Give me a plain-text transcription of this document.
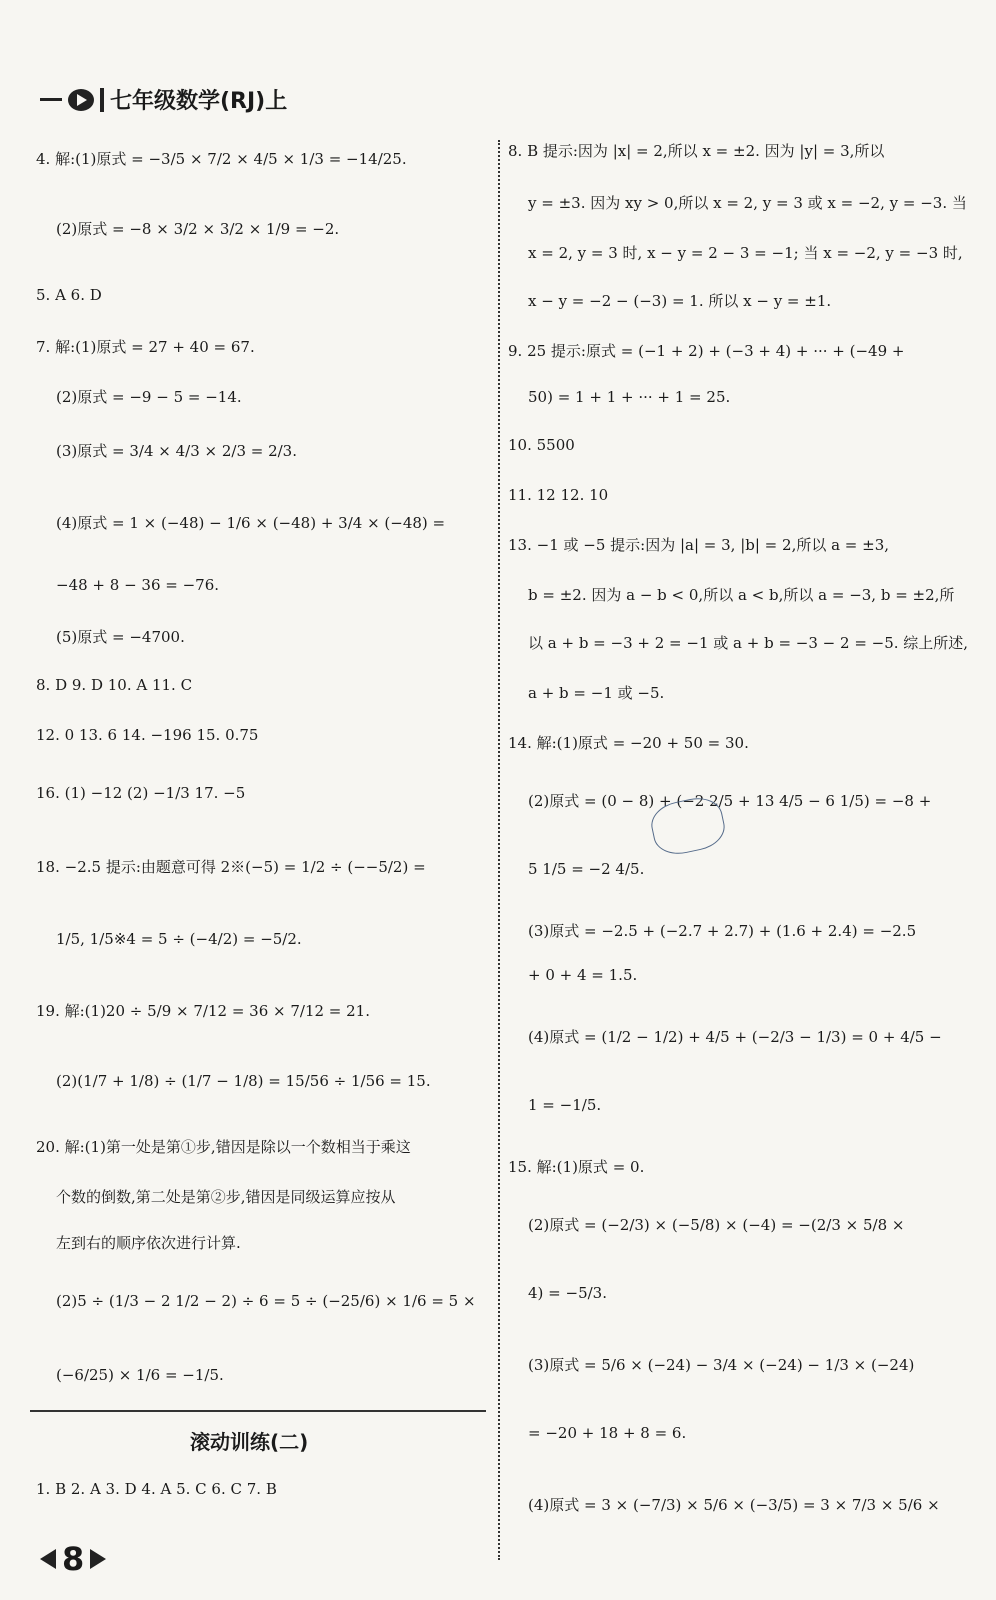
七年级数学(RJ)上
4. 解:(1)原式 = −3/5 × 7/2 × 4/5 × 1/3 = −14/25.
(2)原式 = −8 × 3/2 × 3/2 × 1/9 = −2.
5. A 6. D
7. 解:(1)原式 = 27 + 40 = 67.
(2)原式 = −9 − 5 = −14.
(3)原式 = 3/4 × 4/3 × 2/3 = 2/3.
(4)原式 = 1 × (−48) − 1/6 × (−48) + 3/4 × (−48) =
−48 + 8 − 36 = −76.
(5)原式 = −4700.
8. D 9. D 10. A 11. C
12. 0 13. 6 14. −196 15. 0.75
16. (1) −12 (2) −1/3 17. −5
18. −2.5 提示:由题意可得 2※(−5) = 1/2 ÷ (−−5/2) =
1/5, 1/5※4 = 5 ÷ (−4/2) = −5/2.
19. 解:(1)20 ÷ 5/9 × 7/12 = 36 × 7/12 = 21.
(2)(1/7 + 1/8) ÷ (1/7 − 1/8) = 15/56 ÷ 1/56 = 15.
20. 解:(1)第一处是第①步,错因是除以一个数相当于乘这
个数的倒数,第二处是第②步,错因是同级运算应按从
左到右的顺序依次进行计算.
(2)5 ÷ (1/3 − 2 1/2 − 2) ÷ 6 = 5 ÷ (−25/6) × 1/6 = 5 ×
(−6/25) × 1/6 = −1/5.
1. B 2. A 3. D 4. A 5. C 6. C 7. B
滚动训练(二)
8. B 提示:因为 |x| = 2,所以 x = ±2. 因为 |y| = 3,所以
y = ±3. 因为 xy > 0,所以 x = 2, y = 3 或 x = −2, y = −3. 当
x = 2, y = 3 时, x − y = 2 − 3 = −1; 当 x = −2, y = −3 时,
x − y = −2 − (−3) = 1. 所以 x − y = ±1.
9. 25 提示:原式 = (−1 + 2) + (−3 + 4) + ··· + (−49 +
50) = 1 + 1 + ··· + 1 = 25.
10. 5500
11. 12 12. 10
13. −1 或 −5 提示:因为 |a| = 3, |b| = 2,所以 a = ±3,
b = ±2. 因为 a − b < 0,所以 a < b,所以 a = −3, b = ±2,所
以 a + b = −3 + 2 = −1 或 a + b = −3 − 2 = −5. 综上所述,
a + b = −1 或 −5.
14. 解:(1)原式 = −20 + 50 = 30.
(2)原式 = (0 − 8) + (−2 2/5 + 13 4/5 − 6 1/5) = −8 +
5 1/5 = −2 4/5.
(3)原式 = −2.5 + (−2.7 + 2.7) + (1.6 + 2.4) = −2.5
+ 0 + 4 = 1.5.
(4)原式 = (1/2 − 1/2) + 4/5 + (−2/3 − 1/3) = 0 + 4/5 −
1 = −1/5.
15. 解:(1)原式 = 0.
(2)原式 = (−2/3) × (−5/8) × (−4) = −(2/3 × 5/8 ×
4) = −5/3.
(3)原式 = 5/6 × (−24) − 3/4 × (−24) − 1/3 × (−24)
= −20 + 18 + 8 = 6.
(4)原式 = 3 × (−7/3) × 5/6 × (−3/5) = 3 × 7/3 × 5/6 ×
8
